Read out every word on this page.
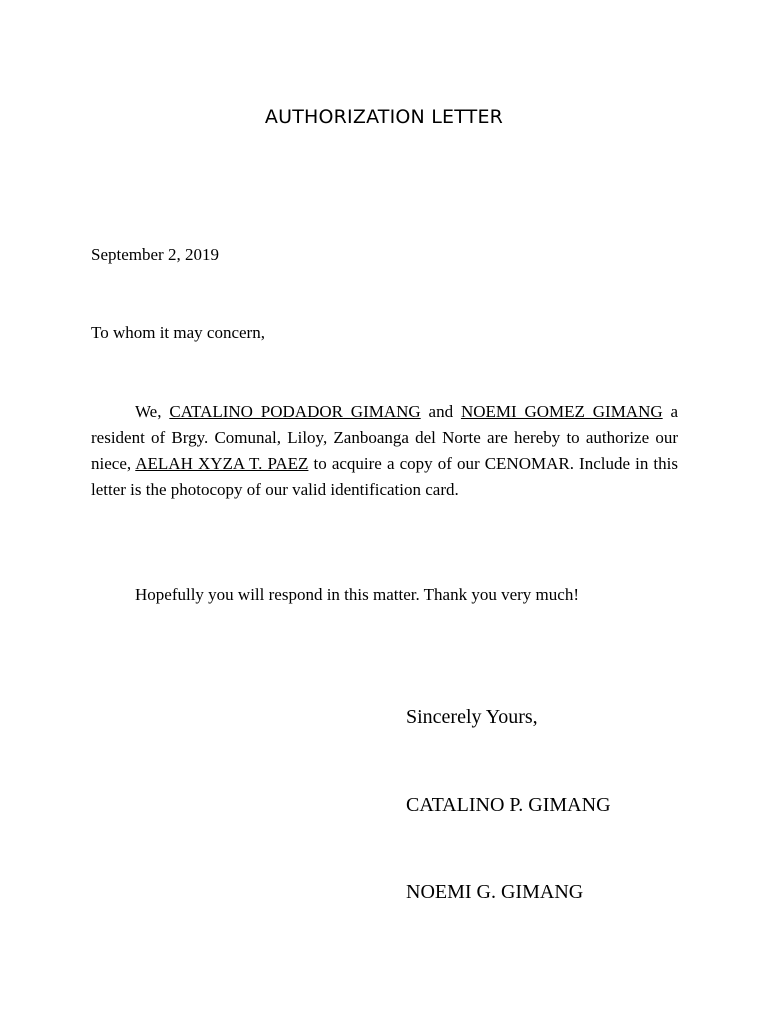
AUTHORIZATION LETTER
September 2, 2019
To whom it may concern,

We, CATALINO PODADOR GIMANG and NOEMI GOMEZ GIMANG a resident of Brgy. Comunal, Liloy, Zanboanga del Norte are hereby to authorize our niece, AELAH XYZA T. PAEZ to acquire a copy of our CENOMAR. Include in this letter is the photocopy of our valid identification card.

Hopefully you will respond in this matter. Thank you very much!
Sincerely Yours,
CATALINO P. GIMANG
NOEMI G. GIMANG
